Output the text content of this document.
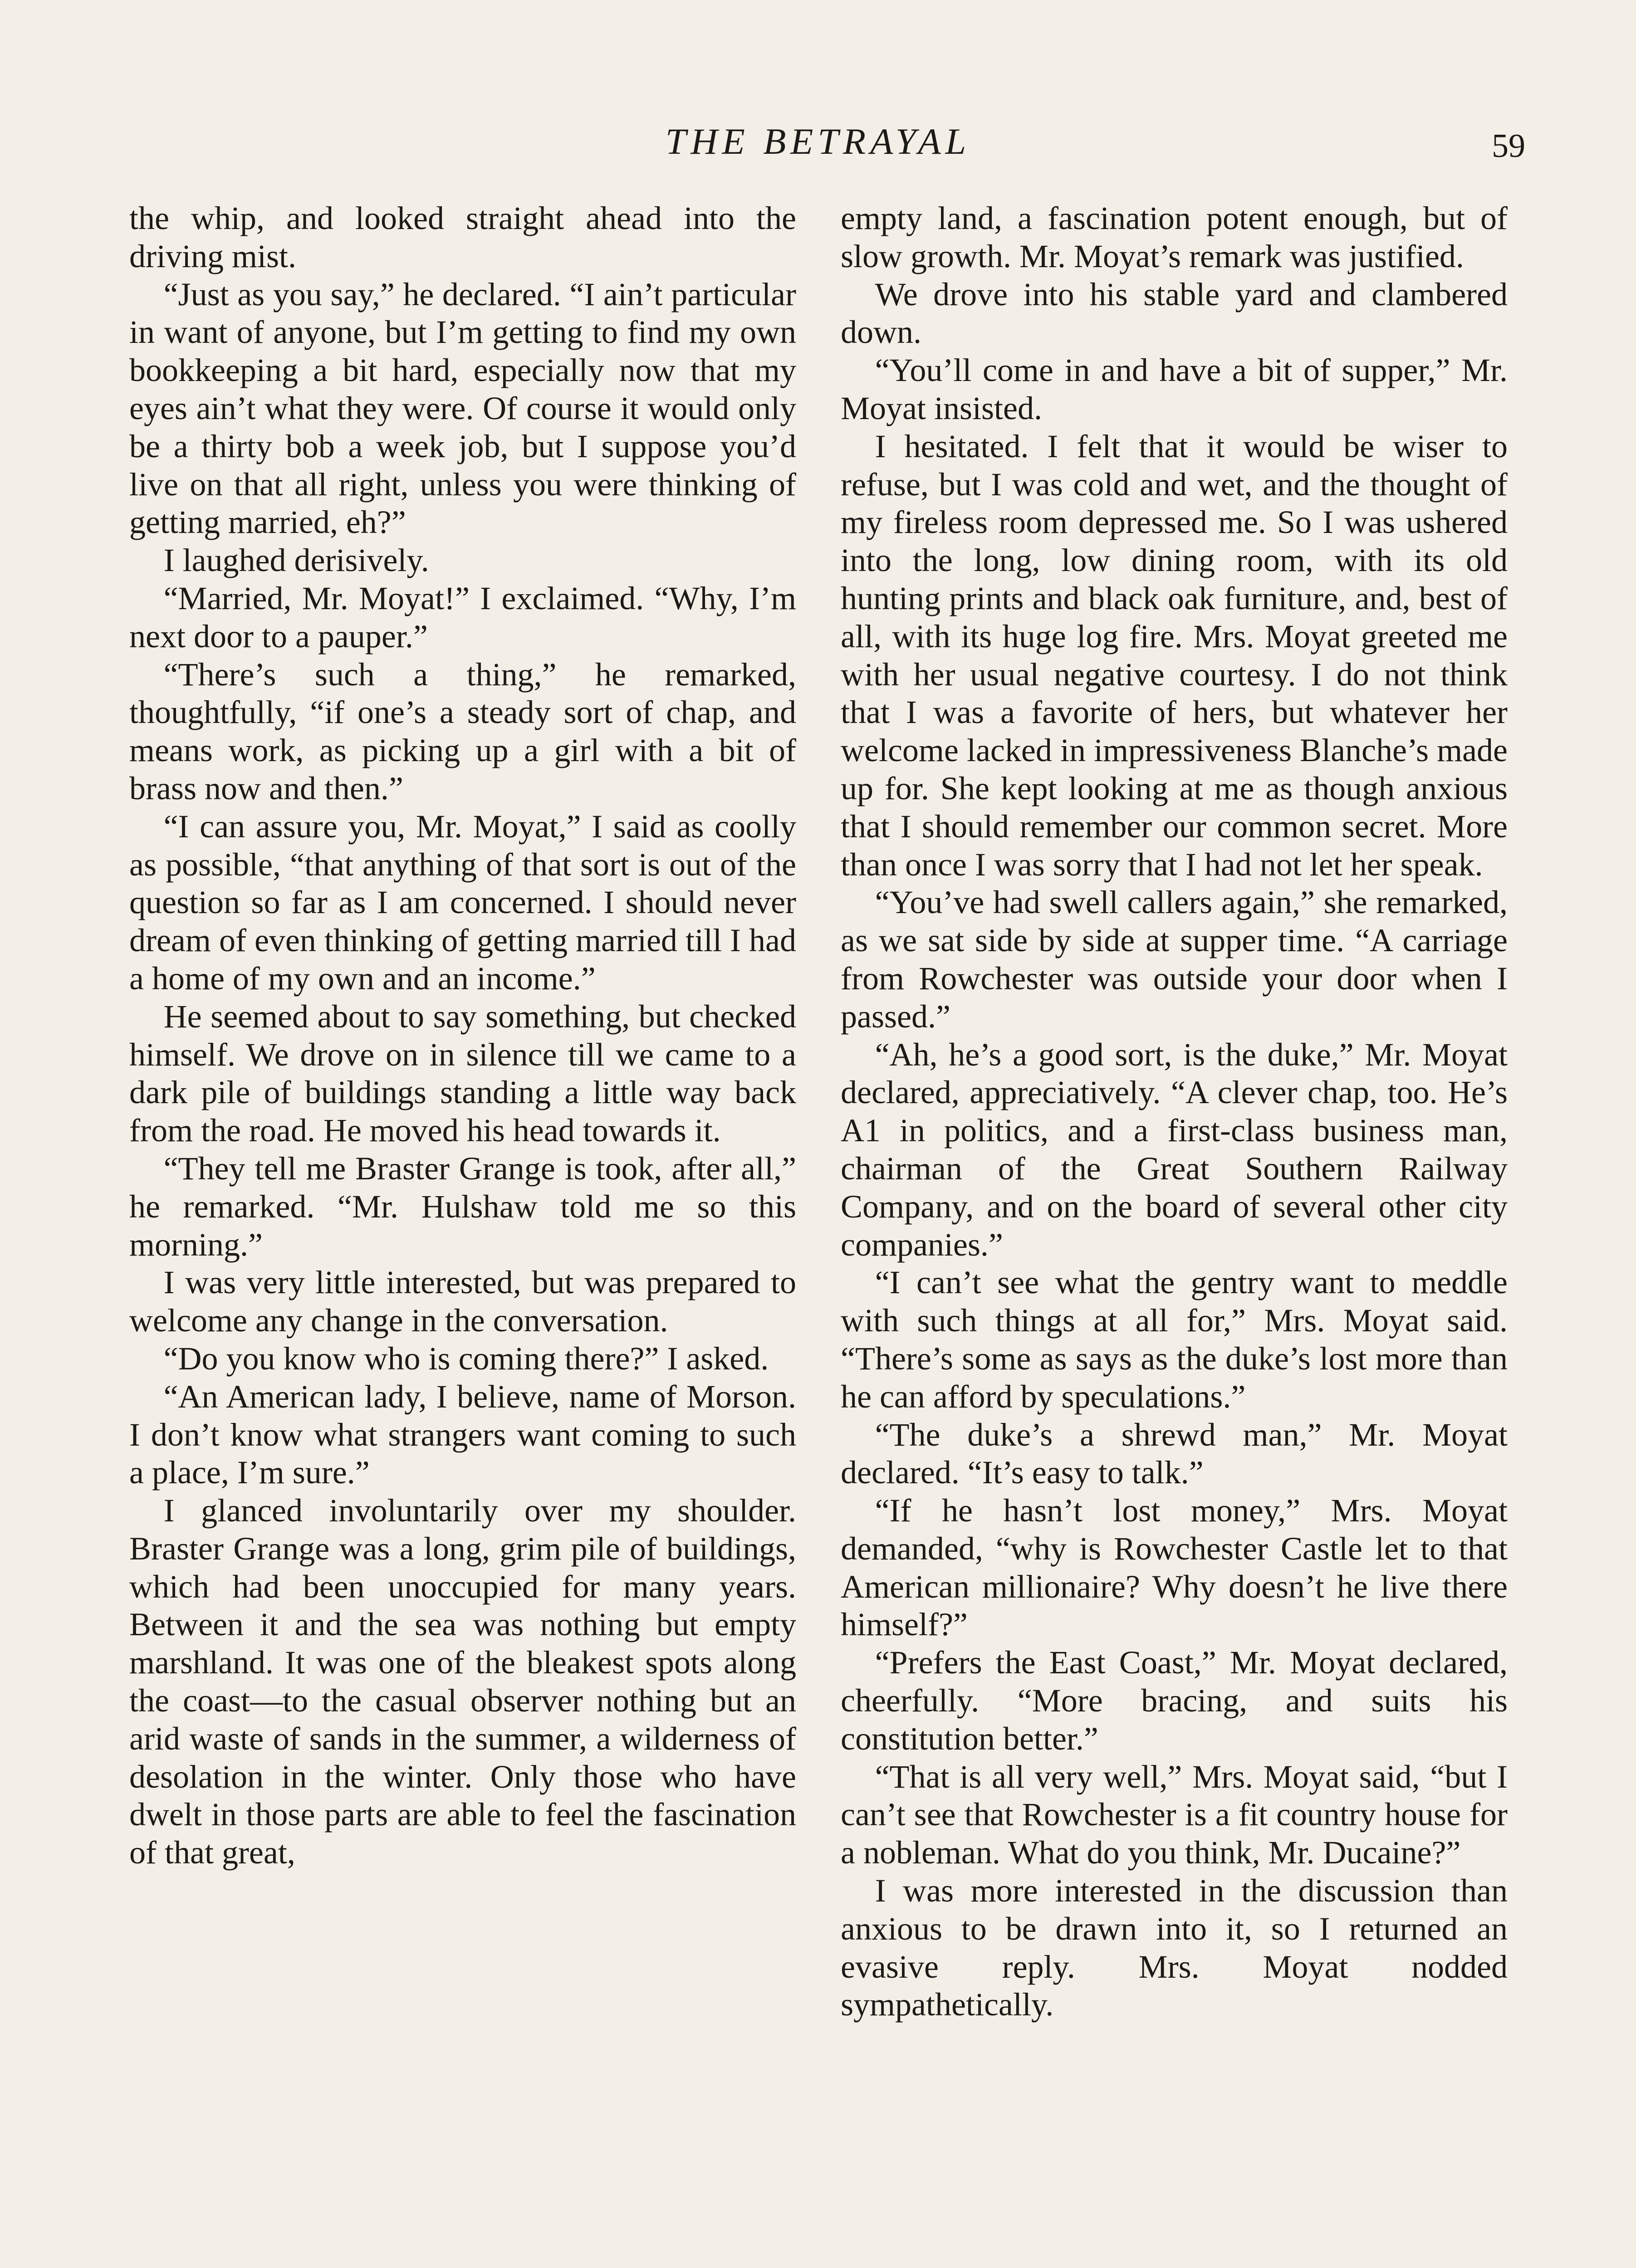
THE BETRAYAL	59

the whip, and looked straight ahead into the driving mist.

“Just as you say,” he declared. “I ain’t particular in want of anyone, but I’m getting to find my own bookkeeping a bit hard, especially now that my eyes ain’t what they were. Of course it would only be a thirty bob a week job, but I suppose you’d live on that all right, unless you were thinking of getting married, eh?”

I laughed derisively.

“Married, Mr. Moyat!” I exclaimed. “Why, I’m next door to a pauper.”

“There’s such a thing,” he remarked, thoughtfully, “if one’s a steady sort of chap, and means work, as picking up a girl with a bit of brass now and then.”

“I can assure you, Mr. Moyat,” I said as coolly as possible, “that anything of that sort is out of the question so far as I am concerned. I should never dream of even thinking of getting married till I had a home of my own and an income.”

He seemed about to say something, but checked himself. We drove on in silence till we came to a dark pile of buildings standing a little way back from the road. He moved his head towards it.

“They tell me Braster Grange is took, after all,” he remarked. “Mr. Hulshaw told me so this morning.”

I was very little interested, but was prepared to welcome any change in the conversation.

“Do you know who is coming there?” I asked.

“An American lady, I believe, name of Morson. I don’t know what strangers want coming to such a place, I’m sure.”

I glanced involuntarily over my shoulder. Braster Grange was a long, grim pile of buildings, which had been unoccupied for many years. Between it and the sea was nothing but empty marshland. It was one of the bleakest spots along the coast—to the casual observer nothing but an arid waste of sands in the summer, a wilderness of desolation in the winter. Only those who have dwelt in those parts are able to feel the fascination of that great,

empty land, a fascination potent enough, but of slow growth. Mr. Moyat’s remark was justified.

We drove into his stable yard and clambered down.

“You’ll come in and have a bit of supper,” Mr. Moyat insisted.

I hesitated. I felt that it would be wiser to refuse, but I was cold and wet, and the thought of my fireless room depressed me. So I was ushered into the long, low dining room, with its old hunting prints and black oak furniture, and, best of all, with its huge log fire. Mrs. Moyat greeted me with her usual negative courtesy. I do not think that I was a favorite of hers, but whatever her welcome lacked in impressiveness Blanche’s made up for. She kept looking at me as though anxious that I should remember our common secret. More than once I was sorry that I had not let her speak.

“You’ve had swell callers again,” she remarked, as we sat side by side at supper time. “A carriage from Rowchester was outside your door when I passed.”

“Ah, he’s a good sort, is the duke,” Mr. Moyat declared, appreciatively. “A clever chap, too. He’s A1 in politics, and a first-class business man, chairman of the Great Southern Railway Company, and on the board of several other city companies.”

“I can’t see what the gentry want to meddle with such things at all for,” Mrs. Moyat said. “There’s some as says as the duke’s lost more than he can afford by speculations.”

“The duke’s a shrewd man,” Mr. Moyat declared. “It’s easy to talk.”

“If he hasn’t lost money,” Mrs. Moyat demanded, “why is Rowchester Castle let to that American millionaire? Why doesn’t he live there himself?”

“Prefers the East Coast,” Mr. Moyat declared, cheerfully. “More bracing, and suits his constitution better.”

“That is all very well,” Mrs. Moyat said, “but I can’t see that Rowchester is a fit country house for a nobleman. What do you think, Mr. Ducaine?”

I was more interested in the discussion than anxious to be drawn into it, so I returned an evasive reply. Mrs. Moyat nodded sympathetically.
